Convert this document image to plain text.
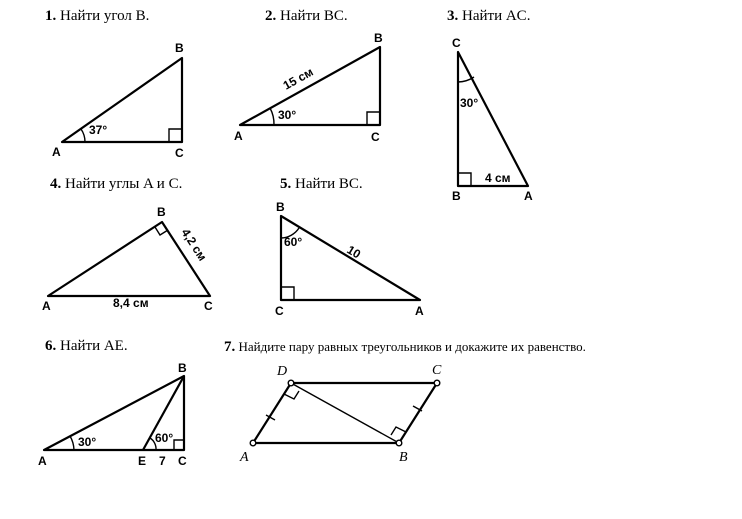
1. Найти угол B.
37°
A
B
C
2. Найти BC.
30°
15 см
A
B
C
3. Найти AC.
30°
4 см
C
B	A
4. Найти углы A и C.
4,2 см
8,4 см
A
B
C
5. Найти BC.
60°
10
B
C	A
6. Найти AE.
30°	60°
A
B
E 7 C
7. Найдите пару равных треугольников и докажите их равенство.
A
D	C
B
